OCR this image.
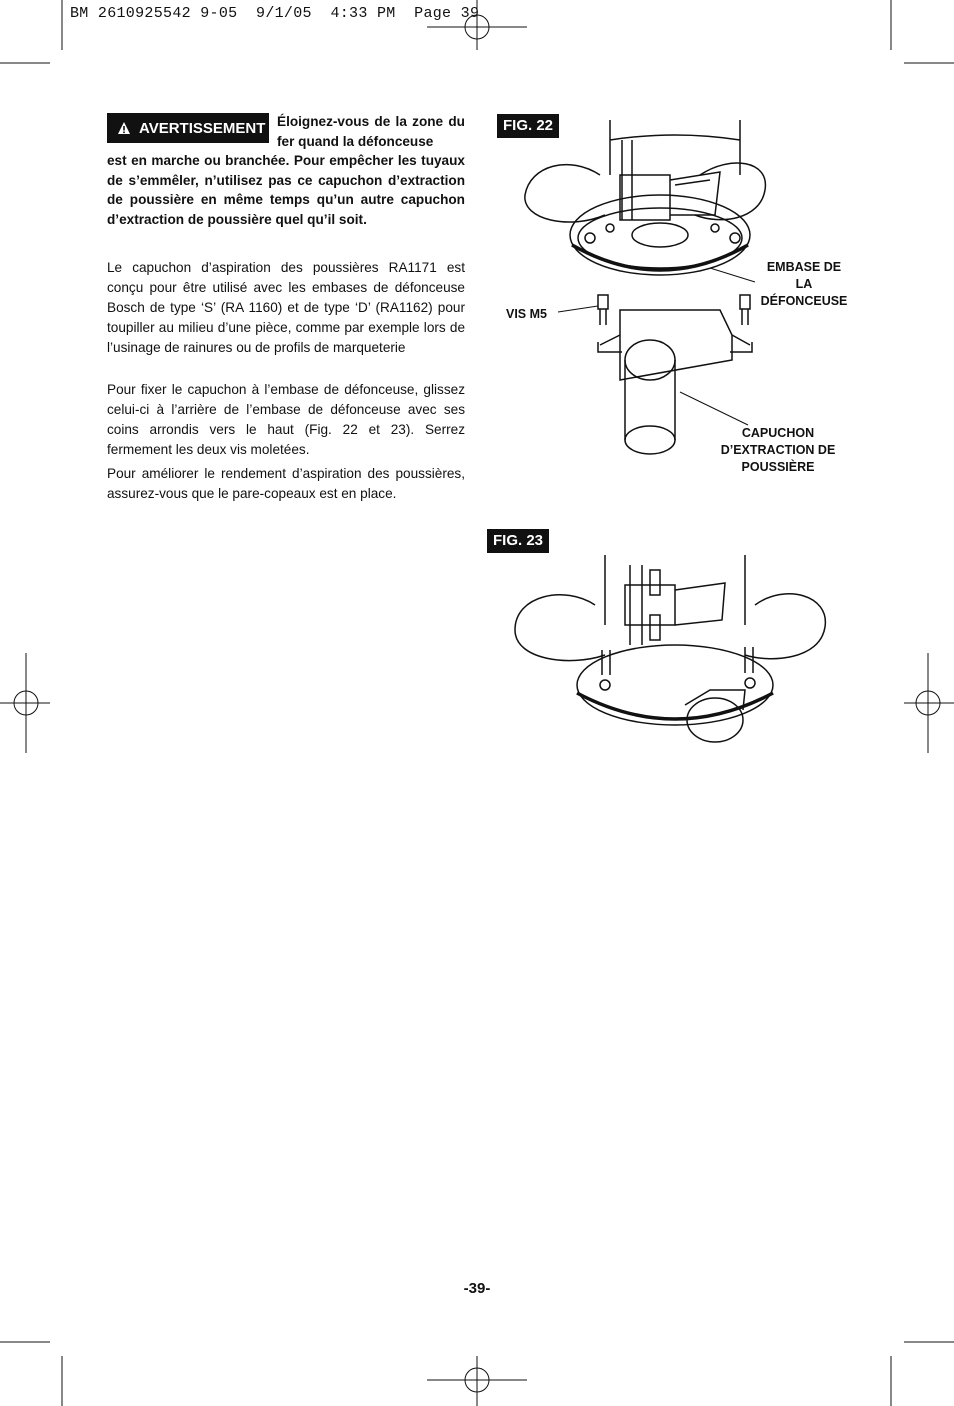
BM 2610925542 9-05  9/1/05  4:33 PM  Page 39
AVERTISSEMENT Éloignez-vous de la zone du fer quand la défonceuse
est en marche ou branchée. Pour empêcher les tuyaux de s’emmêler, n’utilisez pas ce capuchon d’extraction de poussière en même temps qu’un autre capuchon d’extraction de poussière quel qu’il soit.

Le capuchon d’aspiration des poussières RA1171 est conçu pour être utilisé avec les embases de défonceuse Bosch de type ‘S’ (RA 1160) et de type ‘D’ (RA1162) pour toupiller au milieu d’une pièce, comme par exemple lors de l’usinage de rainures ou de profils de marqueterie

Pour fixer le capuchon à l’embase de défonceuse, glissez celui-ci à l’arrière de l’embase de défonceuse avec ses coins arrondis vers le haut (Fig. 22 et 23). Serrez fermement les deux vis moletées.

Pour améliorer le rendement d’aspiration des poussières, assurez-vous que le pare-copeaux est en place.

FIG. 22
EMBASE DE
LA
DÉFONCEUSE
VIS M5
CAPUCHON
D’EXTRACTION DE
POUSSIÈRE
FIG. 23
-39-
